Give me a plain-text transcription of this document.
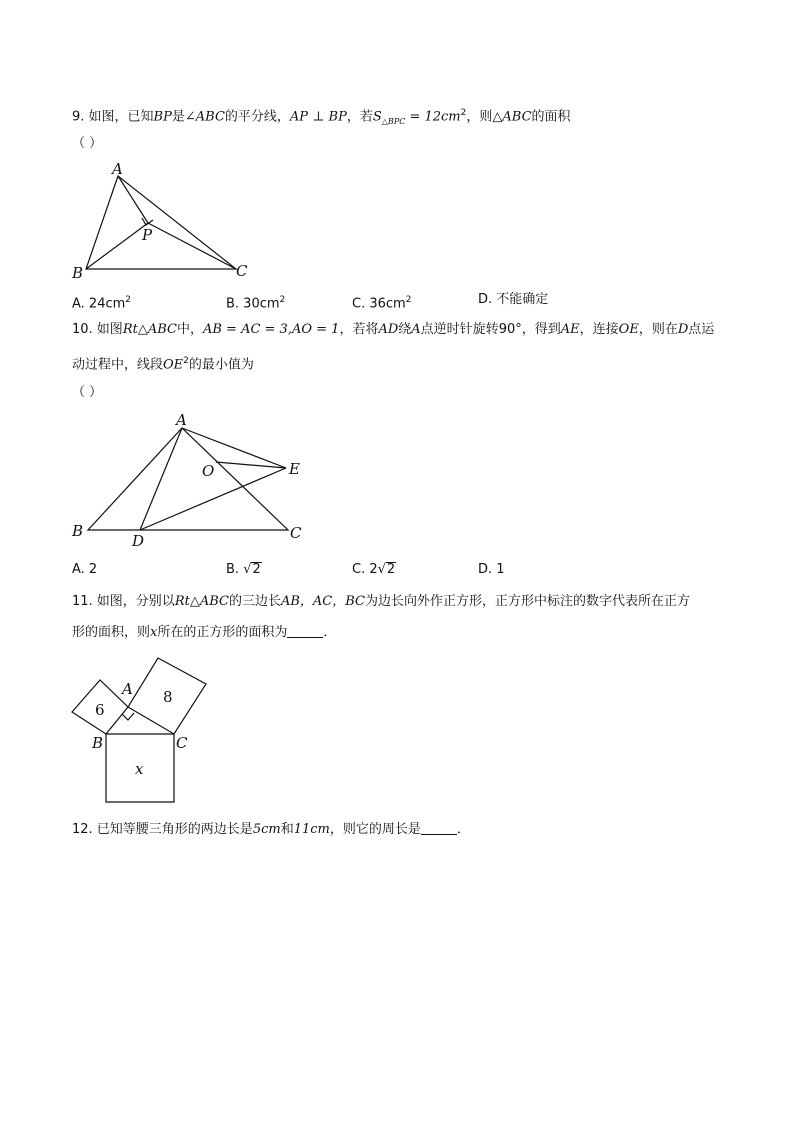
9. 如图，已知BP是∠ABC的平分线，AP ⊥ BP，若$S_{\triangle BPC} = 12cm^2$，则△ABC的面积
（ ）
A
P
B	C
A. $24cm^2$	B. $30cm^2$	C. $36cm^2$	D. 不能确定
10. 如图Rt△ABC中，AB = AC = 3,AO = 1，若将AD绕A点逆时针旋转90°，得到AE，连接OE，则在D点运
动过程中，线段$OE^2$的最小值为
（ ）
A
O	E
B
D	C
A. 2	B. √2	C. 2√2	D. 1
11. 如图，分别以Rt△ABC的三边长AB，AC，BC为边长向外作正方形，正方形中标注的数字代表所在正方
形的面积，则x所在的正方形的面积为	．
A
B	C
6
8
x
12. 已知等腰三角形的两边长是5cm和11cm，则它的周长是	．
